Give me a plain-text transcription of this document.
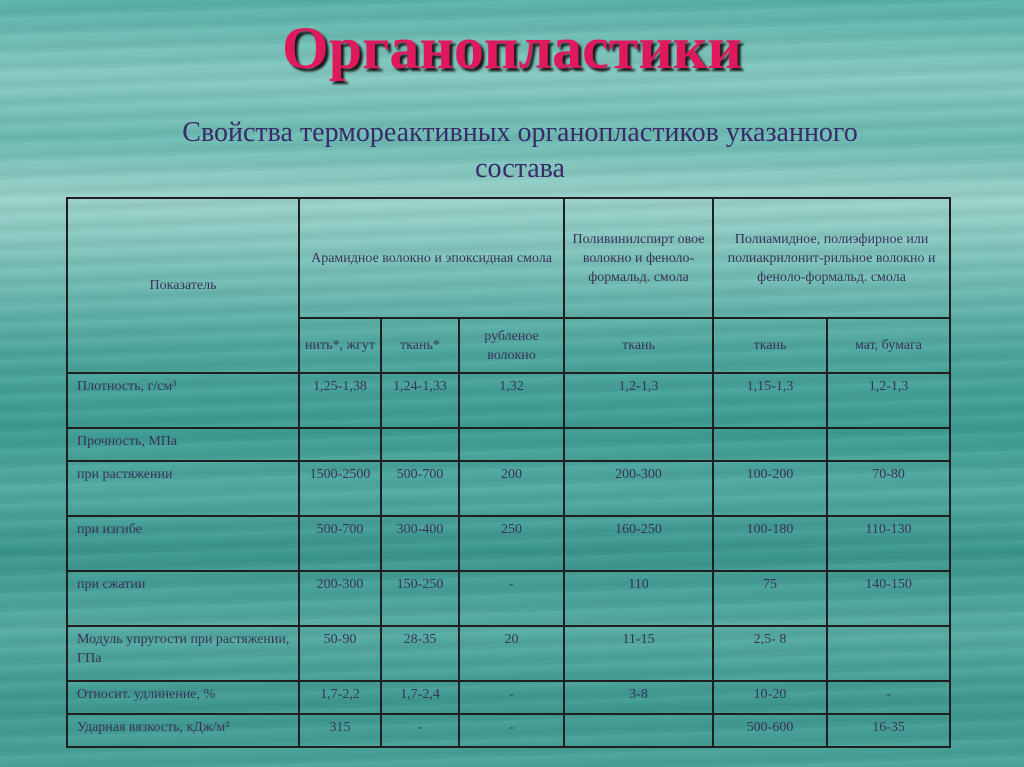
Органопластики
Свойства термореактивных органопластиков указанного
состава
Показатель	Арамидное волокно и эпоксидная смола			Поливинилспирт овое волокно и феноло-формальд. смола	Полиамидное, полиэфирное или полиакрилонит-рильное волокно и феноло-формальд. смола	
	нить*, жгут	ткань*	рубленое волокно	ткань	ткань	мат, бумага
Плотность, г/см³	1,25-1,38	1,24-1,33	1,32	1,2-1,3	1,15-1,3	1,2-1,3
Прочность, МПа						
при растяжении	1500-2500	500-700	200	200-300	100-200	70-80
при изгибе	500-700	300-400	250	160-250	100-180	110-130
при сжатии	200-300	150-250	-	110	75	140-150
Модуль упругости при растяжении, ГПа	50-90	28-35	20	11-15	2,5- 8	
Относит. удлинение, %	1,7-2,2	1,7-2,4	-	3-8	10-20	-
Ударная вязкость, кДж/м²	315	-	-		500-600	16-35
